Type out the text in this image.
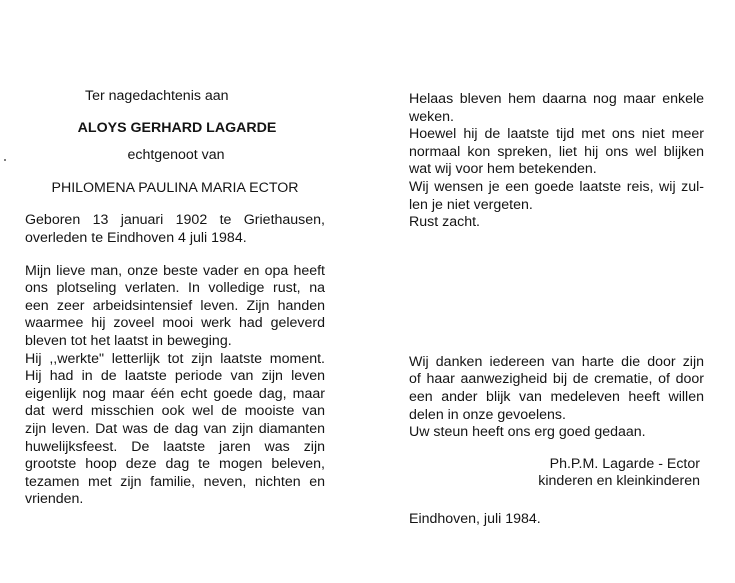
Ter nagedachtenis aan
ALOYS GERHARD LAGARDE
echtgenoot van
PHILOMENA PAULINA MARIA ECTOR
Geboren 13 januari 1902 te Griethausen,
overleden te Eindhoven 4 juli 1984.
Mijn lieve man, onze beste vader en opa heeft
ons plotseling verlaten. In volledige rust, na
een zeer arbeidsintensief leven. Zijn handen
waarmee hij zoveel mooi werk had geleverd
bleven tot het laatst in beweging.
Hij ,,werkte" letterlijk tot zijn laatste moment.
Hij had in de laatste periode van zijn leven
eigenlijk nog maar één echt goede dag, maar
dat werd misschien ook wel de mooiste van
zijn leven. Dat was de dag van zijn diamanten
huwelijksfeest. De laatste jaren was zijn
grootste hoop deze dag te mogen beleven,
tezamen met zijn familie, neven, nichten en
vrienden.
Helaas bleven hem daarna nog maar enkele
weken.
Hoewel hij de laatste tijd met ons niet meer
normaal kon spreken, liet hij ons wel blijken
wat wij voor hem betekenden.
Wij wensen je een goede laatste reis, wij zul-
len je niet vergeten.
Rust zacht.
Wij danken iedereen van harte die door zijn
of haar aanwezigheid bij de crematie, of door
een ander blijk van medeleven heeft willen
delen in onze gevoelens.
Uw steun heeft ons erg goed gedaan.
Ph.P.M. Lagarde - Ector
kinderen en kleinkinderen
Eindhoven, juli 1984.
